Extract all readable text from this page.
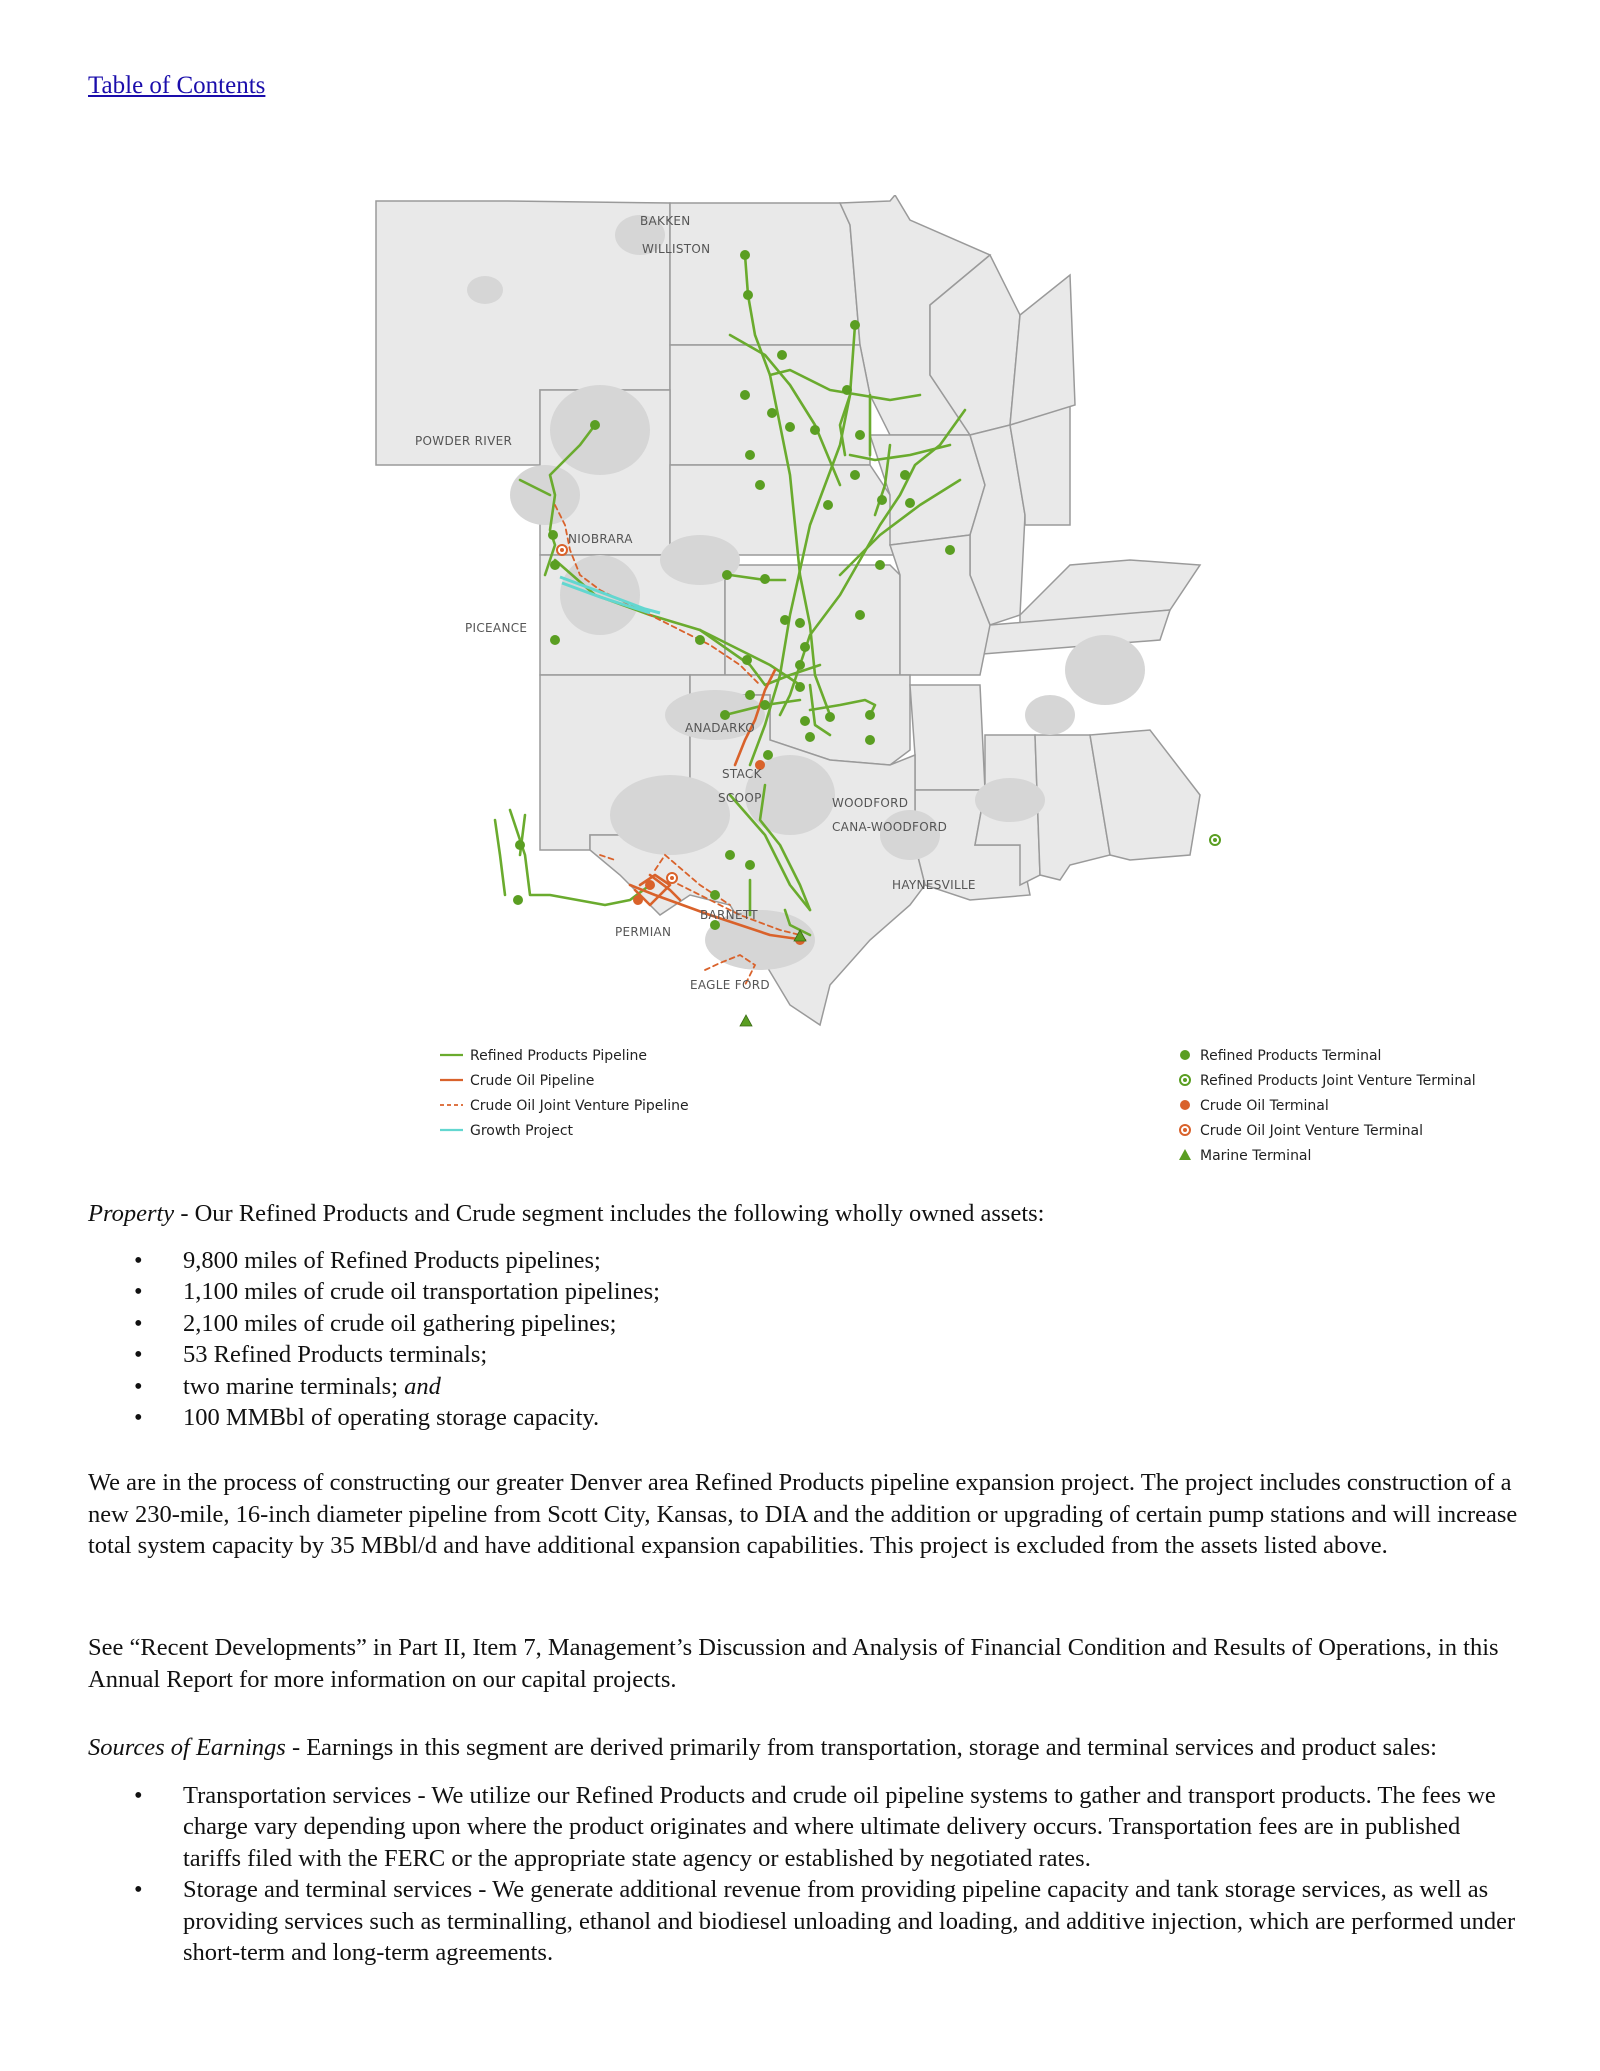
Table of Contents
BAKKEN
WILLISTON
POWDER RIVER
NIOBRARA
PICEANCE
ANADARKO
STACK
SCOOP	WOODFORD
CANA-WOODFORD
HAYNESVILLE
BARNETT
PERMIAN
EAGLE FORD
Refined Products Pipeline
Crude Oil Pipeline
Crude Oil Joint Venture Pipeline
Growth Project
Refined Products Terminal
Refined Products Joint Venture Terminal
Crude Oil Terminal
Crude Oil Joint Venture Terminal
Marine Terminal

Property - Our Refined Products and Crude segment includes the following wholly owned assets:

• 9,800 miles of Refined Products pipelines;
• 1,100 miles of crude oil transportation pipelines;
• 2,100 miles of crude oil gathering pipelines;
• 53 Refined Products terminals;
• two marine terminals; and
• 100 MMBbl of operating storage capacity.

We are in the process of constructing our greater Denver area Refined Products pipeline expansion project. The project includes construction of a new 230-mile, 16-inch diameter pipeline from Scott City, Kansas, to DIA and the addition or upgrading of certain pump stations and will increase total system capacity by 35 MBbl/d and have additional expansion capabilities. This project is excluded from the assets listed above.

See “Recent Developments” in Part II, Item 7, Management’s Discussion and Analysis of Financial Condition and Results of Operations, in this Annual Report for more information on our capital projects.

Sources of Earnings - Earnings in this segment are derived primarily from transportation, storage and terminal services and product sales:

• Transportation services - We utilize our Refined Products and crude oil pipeline systems to gather and transport products. The fees we charge vary depending upon where the product originates and where ultimate delivery occurs. Transportation fees are in published tariffs filed with the FERC or the appropriate state agency or established by negotiated rates.
• Storage and terminal services - We generate additional revenue from providing pipeline capacity and tank storage services, as well as providing services such as terminalling, ethanol and biodiesel unloading and loading, and additive injection, which are performed under short-term and long-term agreements.
